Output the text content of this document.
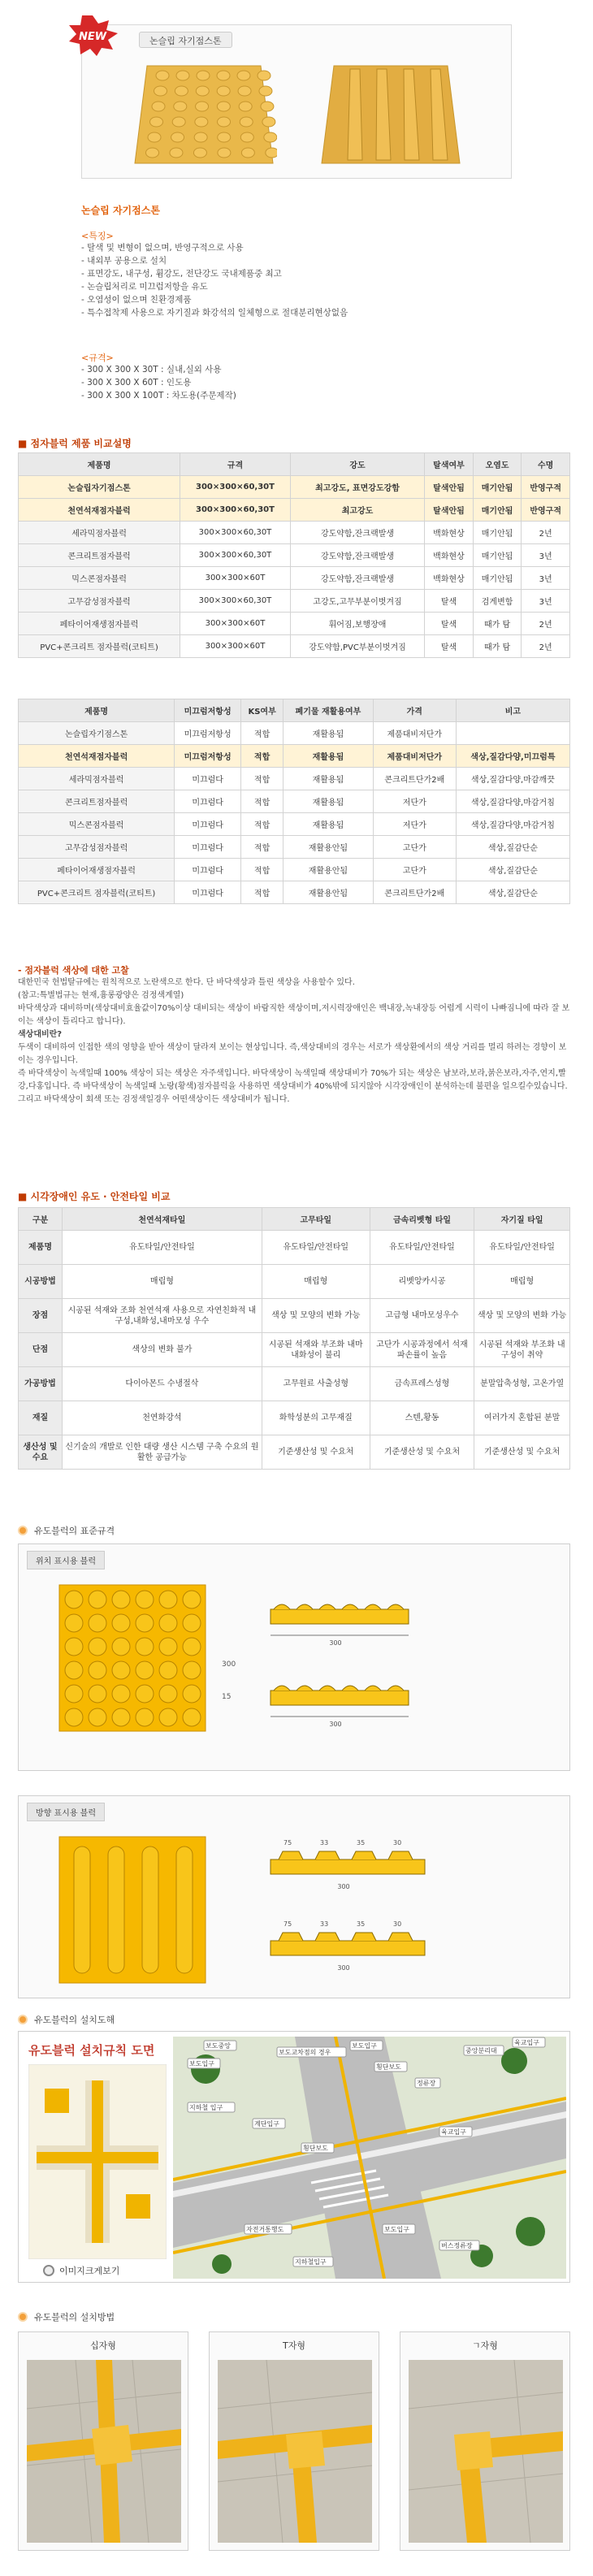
NEW	논슬립 자기점스톤
논슬립 자기점스톤
<특징>
- 탈색 및 변형이 없으며, 반영구적으로 사용
- 내외부 공용으로 설치
- 표면강도, 내구성, 휨강도, 전단강도 국내제품중 최고
- 논슬립처리로 미끄럼저항을 유도
- 오염성이 없으며 친환경제품
- 특수접착제 사용으로 자기질과 화강석의 일체형으로 절대분리현상없음
<규격>
- 300 X 300 X 30T : 실내,실외 사용
- 300 X 300 X 60T : 인도용
- 300 X 300 X 100T : 차도용(주문제작)
■ 점자블럭 제품 비교설명
제품명	규격	강도	탈색여부	오염도	수명
논슬립자기점스톤	300×300×60,30T	최고강도, 표면강도강함	탈색안됨	매기안됨	반영구적
천연석재점자블럭	300×300×60,30T	최고강도	탈색안됨	매기안됨	반영구적
세라믹점자블럭	300×300×60,30T	강도약함,잔크랙발생	백화현상	매기안됨	2년
콘크리트점자블럭	300×300×60,30T	강도약함,잔크랙발생	백화현상	매기안됨	3년
믹스콘점자블럭	300×300×60T	강도약함,잔크랙발생	백화현상	매기안됨	3년
고무감성점자블럭	300×300×60,30T	고강도,고무부분이벗겨짐	탈색	검게변함	3년
페타이어재생점자블럭	300×300×60T	휘어짐,보행장애	탈색	때가 탐	2년
PVC+콘크리트 점자블럭(코티트)	300×300×60T	강도약함,PVC부분이벗겨짐	탈색	때가 탐	2년
제품명	미끄럼저항성	KS여부	폐기물 재활용여부	가격	비고
논슬립자기점스톤	미끄럼저항성	적합	재활용됨	제품대비저단가	
천연석재점자블럭	미끄럼저항성	적합	재활용됨	제품대비저단가	색상,질감다양,미끄럼특
세라믹점자블럭	미끄럼다	적합	재활용됨	콘크리트단가2배	색상,질감다양,마감깨끗
콘크리트점자블럭	미끄럼다	적합	재활용됨	저단가	색상,질감다양,마감거침
믹스콘점자블럭	미끄럼다	적합	재활용됨	저단가	색상,질감다양,마감거침
고무감성점자블럭	미끄럼다	적합	재활용안됨	고단가	색상,질감단순
페타이어재생점자블럭	미끄럼다	적합	재활용안됨	고단가	색상,질감단순
PVC+콘크리트 점자블럭(코티트)	미끄럼다	적합	재활용안됨	콘크리트단가2배	색상,질감단순
- 점자블럭 색상에 대한 고찰

대한민국 헌법탈규에는 원칙적으로 노란색으로 한다. 단 바닥색상과 틀린 색상을 사용할수 있다.

(참고:특별법규는 현재,흉롱광양은 검정색계열)

바닥색상과 대비하며(색상대비효율값이70%이상 대비되는 색상이 바람직한 색상이며,저시력장애인은 백내장,녹내장등 어렵게 시력이 나빠짐니에 따라 잘 보이는 색상이 틀리다고 합니다).

색상대비란?

두색이 대비하여 인접한 색의 영향을 받아 색상이 달라져 보이는 현상입니다. 즉,색상대비의 경우는 서로가 색상환에서의 색상 거리를 멀리 하려는 경향이 보이는 경우입니다.

즉 바닥색상이 녹색일때 100% 색상이 되는 색상은 자주색입니다. 바닥색상이 녹색일때 색상대비가 70%가 되는 색상은 남보라,보라,붉은보라,자주,연지,빨강,다홍입니다. 즉 바닥색상이 녹색일때 노랑(황색)점자블럭을 사용하면 색상대비가 40%밖에 되지않아 시각장애인이 분석하는데 불편을 일으킬수있습니다. 그리고 바닥색상이 회색 또는 검정색일경우 어떤색상이든 색상대비가 됩니다.

■ 시각장애인 유도 · 안전타일 비교
구분	천연석재타일	고무타일	금속리벳형 타일	자기질 타일
제품명	유도타일/안전타일	유도타일/안전타일	유도타일/안전타일	유도타일/안전타일
시공방법	매립형	매립형	리벳앙카시공	매립형
장점	시공된 석재와 조화 천연석재 사용으로 자연친화적 내구성,내화성,내마모성 우수	색상 및 모양의 변화 가능	고급형 내마모성우수	색상 및 모양의 변화 가능
단점	색상의 변화 불가	시공된 석재와 부조화 내마 내화성이 불리	고단가 시공과정에서 석재파손률이 높음	시공된 석재와 부조화 내구성이 취약
가공방법	다이아몬드 수냉절삭	고무원료 사출성형	금속프레스성형	분말압축성형, 고온가열
재질	천연화강석	화학성분의 고무재질	스텐,황동	여러가지 혼합된 분말
생산성 및 수요	신기술의 개발로 인한 대량 생산 시스템 구축 수요의 원활한 공급가능	기준생산성 및 수요처	기준생산성 및 수요처	기준생산성 및 수요처
유도블럭의 표준규격
위치 표시용 블럭
300
15
300
300
방향 표시용 블럭
75	33	35	30
300
75	33	35	30
300
유도블럭의 설치도해
유도블럭 설치규칙 도면
이미지크게보기
보도중앙
보도입구
보도교차점의 경우
보도입구
횡단보도
정류장
중앙분리대
육교입구
지하철 입구
계단입구
횡단보도
육교입구
보도입구
자전거통행도
버스정류장
지하철입구
유도블럭의 설치방법
십자형	T자형	ㄱ자형
